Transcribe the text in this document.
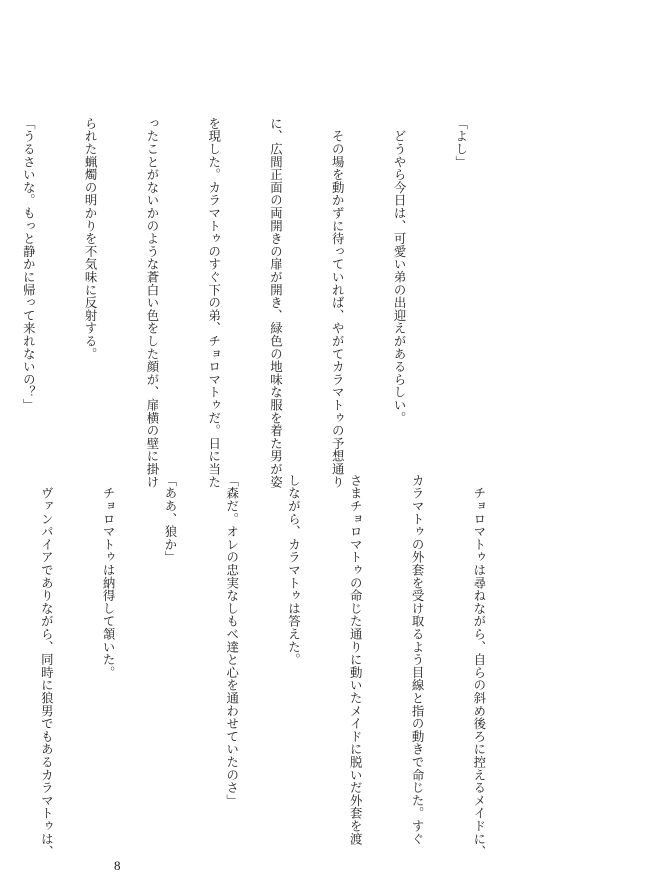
「よし」

　どうやら今日は、可愛い弟の出迎えがあるらしい。

　その場を動かずに待っていれば、やがてカラマトゥの予想通り

に、広間正面の両開きの扉が開き、緑色の地味な服を着た男が姿

を現した。カラマトゥのすぐ下の弟、チョロマトゥだ。日に当た

ったことがないかのような蒼白い色をした顔が、扉横の壁に掛け

られた蝋燭の明かりを不気味に反射する。

「うるさいな。もっと静かに帰って来れないの？」

　チョロマトゥは尋ねながら、自らの斜め後ろに控えるメイドに、

カラマトゥの外套を受け取るよう目線と指の動きで命じた。すぐ

さまチョロマトゥの命じた通りに動いたメイドに脱いだ外套を渡

しながら、カラマトゥは答えた。

「森だ。オレの忠実なしもべ達と心を通わせていたのさ」

「ああ、狼か」

　チョロマトゥは納得して頷いた。

　ヴァンパイアでありながら、同時に狼男でもあるカラマトゥは、

8
